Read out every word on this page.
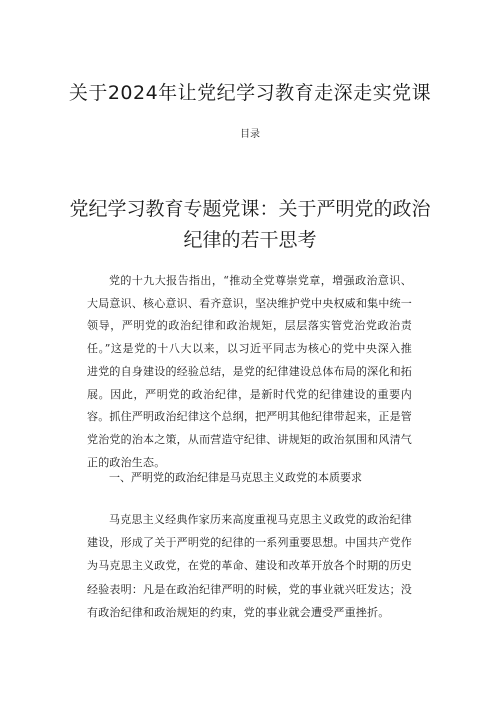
关于2024年让党纪学习教育走深走实党课

目录

党纪学习教育专题党课：关于严明党的政治纪律的若干思考

党的十九大报告指出，“推动全党尊崇党章，增强政治意识、大局意识、核心意识、看齐意识，坚决维护党中央权威和集中统一领导，严明党的政治纪律和政治规矩，层层落实管党治党政治责任。”这是党的十八大以来，以习近平同志为核心的党中央深入推进党的自身建设的经验总结，是党的纪律建设总体布局的深化和拓展。因此，严明党的政治纪律，是新时代党的纪律建设的重要内容。抓住严明政治纪律这个总纲，把严明其他纪律带起来，正是管党治党的治本之策，从而营造守纪律、讲规矩的政治氛围和风清气正的政治生态。

一、严明党的政治纪律是马克思主义政党的本质要求

马克思主义经典作家历来高度重视马克思主义政党的政治纪律建设，形成了关于严明党的纪律的一系列重要思想。中国共产党作为马克思主义政党，在党的革命、建设和改革开放各个时期的历史经验表明：凡是在政治纪律严明的时候，党的事业就兴旺发达；没有政治纪律和政治规矩的约束，党的事业就会遭受严重挫折。
